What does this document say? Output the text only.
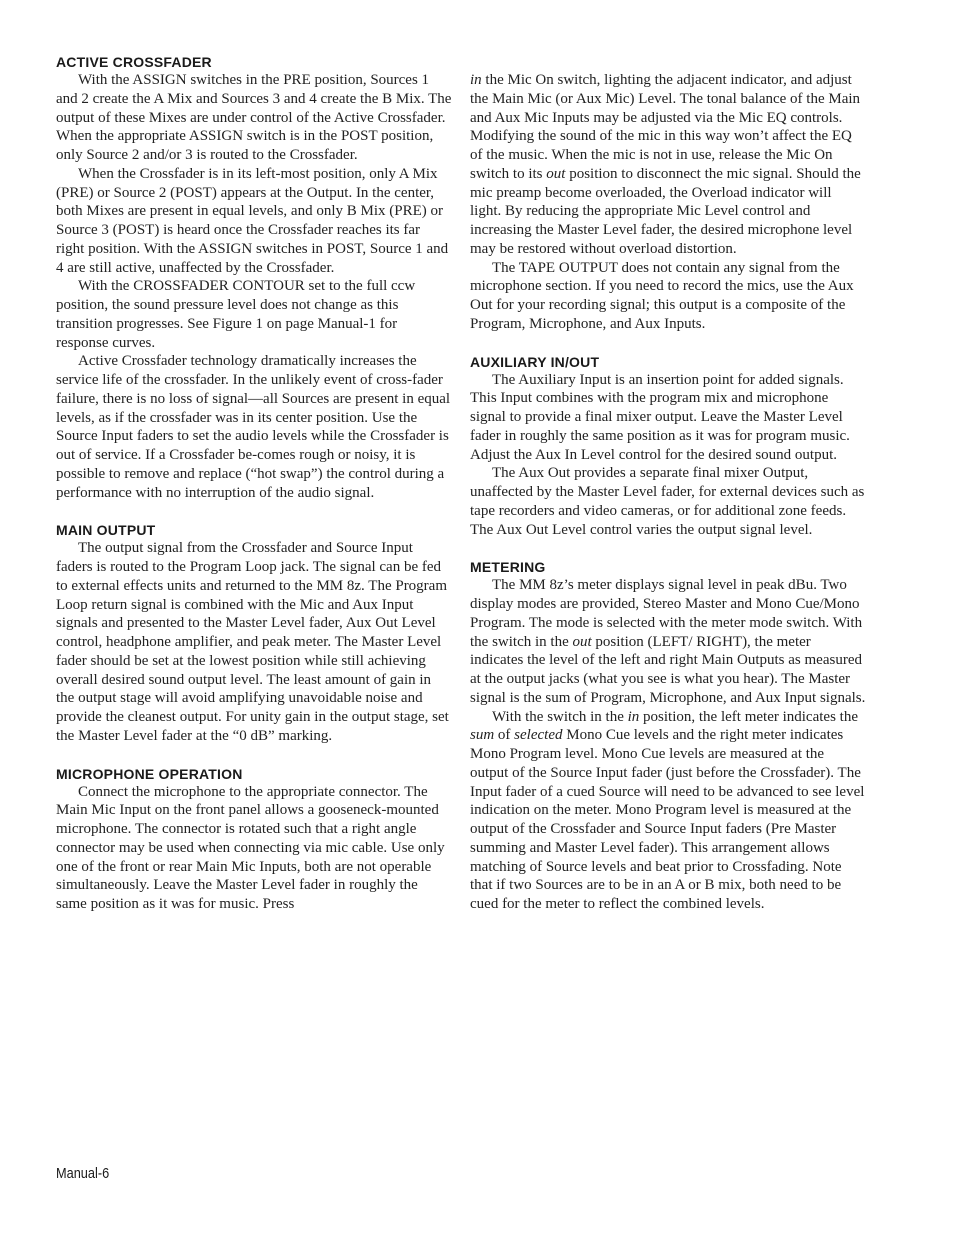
ACTIVE CROSSFADER

With the ASSIGN switches in the PRE position, Sources 1 and 2 create the A Mix and Sources 3 and 4 create the B Mix. The output of these Mixes are under control of the Active Crossfader. When the appropriate ASSIGN switch is in the POST position, only Source 2 and/or 3 is routed to the Crossfader.

When the Crossfader is in its left-most position, only A Mix (PRE) or Source 2 (POST) appears at the Output. In the center, both Mixes are present in equal levels, and only B Mix (PRE) or Source 3 (POST) is heard once the Crossfader reaches its far right position. With the ASSIGN switches in POST, Source 1 and 4 are still active, unaffected by the Crossfader.

With the CROSSFADER CONTOUR set to the full ccw position, the sound pressure level does not change as this transition progresses. See Figure 1 on page Manual-1 for response curves.

Active Crossfader technology dramatically increases the service life of the crossfader. In the unlikely event of cross-fader failure, there is no loss of signal—all Sources are present in equal levels, as if the crossfader was in its center position. Use the Source Input faders to set the audio levels while the Crossfader is out of service. If a Crossfader be-comes rough or noisy, it is possible to remove and replace (“hot swap”) the control during a performance with no interruption of the audio signal.

MAIN OUTPUT

The output signal from the Crossfader and Source Input faders is routed to the Program Loop jack. The signal can be fed to external effects units and returned to the MM 8z. The Program Loop return signal is combined with the Mic and Aux Input signals and presented to the Master Level fader, Aux Out Level control, headphone amplifier, and peak meter. The Master Level fader should be set at the lowest position while still achieving overall desired sound output level. The least amount of gain in the output stage will avoid amplifying unavoidable noise and provide the cleanest output. For unity gain in the output stage, set the Master Level fader at the “0 dB” marking.

MICROPHONE OPERATION

Connect the microphone to the appropriate connector. The Main Mic Input on the front panel allows a gooseneck-mounted microphone. The connector is rotated such that a right angle connector may be used when connecting via mic cable. Use only one of the front or rear Main Mic Inputs, both are not operable simultaneously. Leave the Master Level fader in roughly the same position as it was for music. Press

in the Mic On switch, lighting the adjacent indicator, and adjust the Main Mic (or Aux Mic) Level. The tonal balance of the Main and Aux Mic Inputs may be adjusted via the Mic EQ controls. Modifying the sound of the mic in this way won’t affect the EQ of the music. When the mic is not in use, release the Mic On switch to its out position to disconnect the mic signal. Should the mic preamp become overloaded, the Overload indicator will light. By reducing the appropriate Mic Level control and increasing the Master Level fader, the desired microphone level may be restored without overload distortion.

The TAPE OUTPUT does not contain any signal from the microphone section. If you need to record the mics, use the Aux Out for your recording signal; this output is a composite of the Program, Microphone, and Aux Inputs.

AUXILIARY IN/OUT

The Auxiliary Input is an insertion point for added signals. This Input combines with the program mix and microphone signal to provide a final mixer output. Leave the Master Level fader in roughly the same position as it was for program music. Adjust the Aux In Level control for the desired sound output.

The Aux Out provides a separate final mixer Output, unaffected by the Master Level fader, for external devices such as tape recorders and video cameras, or for additional zone feeds. The Aux Out Level control varies the output signal level.

METERING

The MM 8z’s meter displays signal level in peak dBu. Two display modes are provided, Stereo Master and Mono Cue/Mono Program. The mode is selected with the meter mode switch. With the switch in the out position (LEFT/ RIGHT), the meter indicates the level of the left and right Main Outputs as measured at the output jacks (what you see is what you hear). The Master signal is the sum of Program, Microphone, and Aux Input signals.

With the switch in the in position, the left meter indicates the sum of selected Mono Cue levels and the right meter indicates Mono Program level. Mono Cue levels are measured at the output of the Source Input fader (just before the Crossfader). The Input fader of a cued Source will need to be advanced to see level indication on the meter. Mono Program level is measured at the output of the Crossfader and Source Input faders (Pre Master summing and Master Level fader). This arrangement allows matching of Source levels and beat prior to Crossfading. Note that if two Sources are to be in an A or B mix, both need to be cued for the meter to reflect the combined levels.

Manual-6
